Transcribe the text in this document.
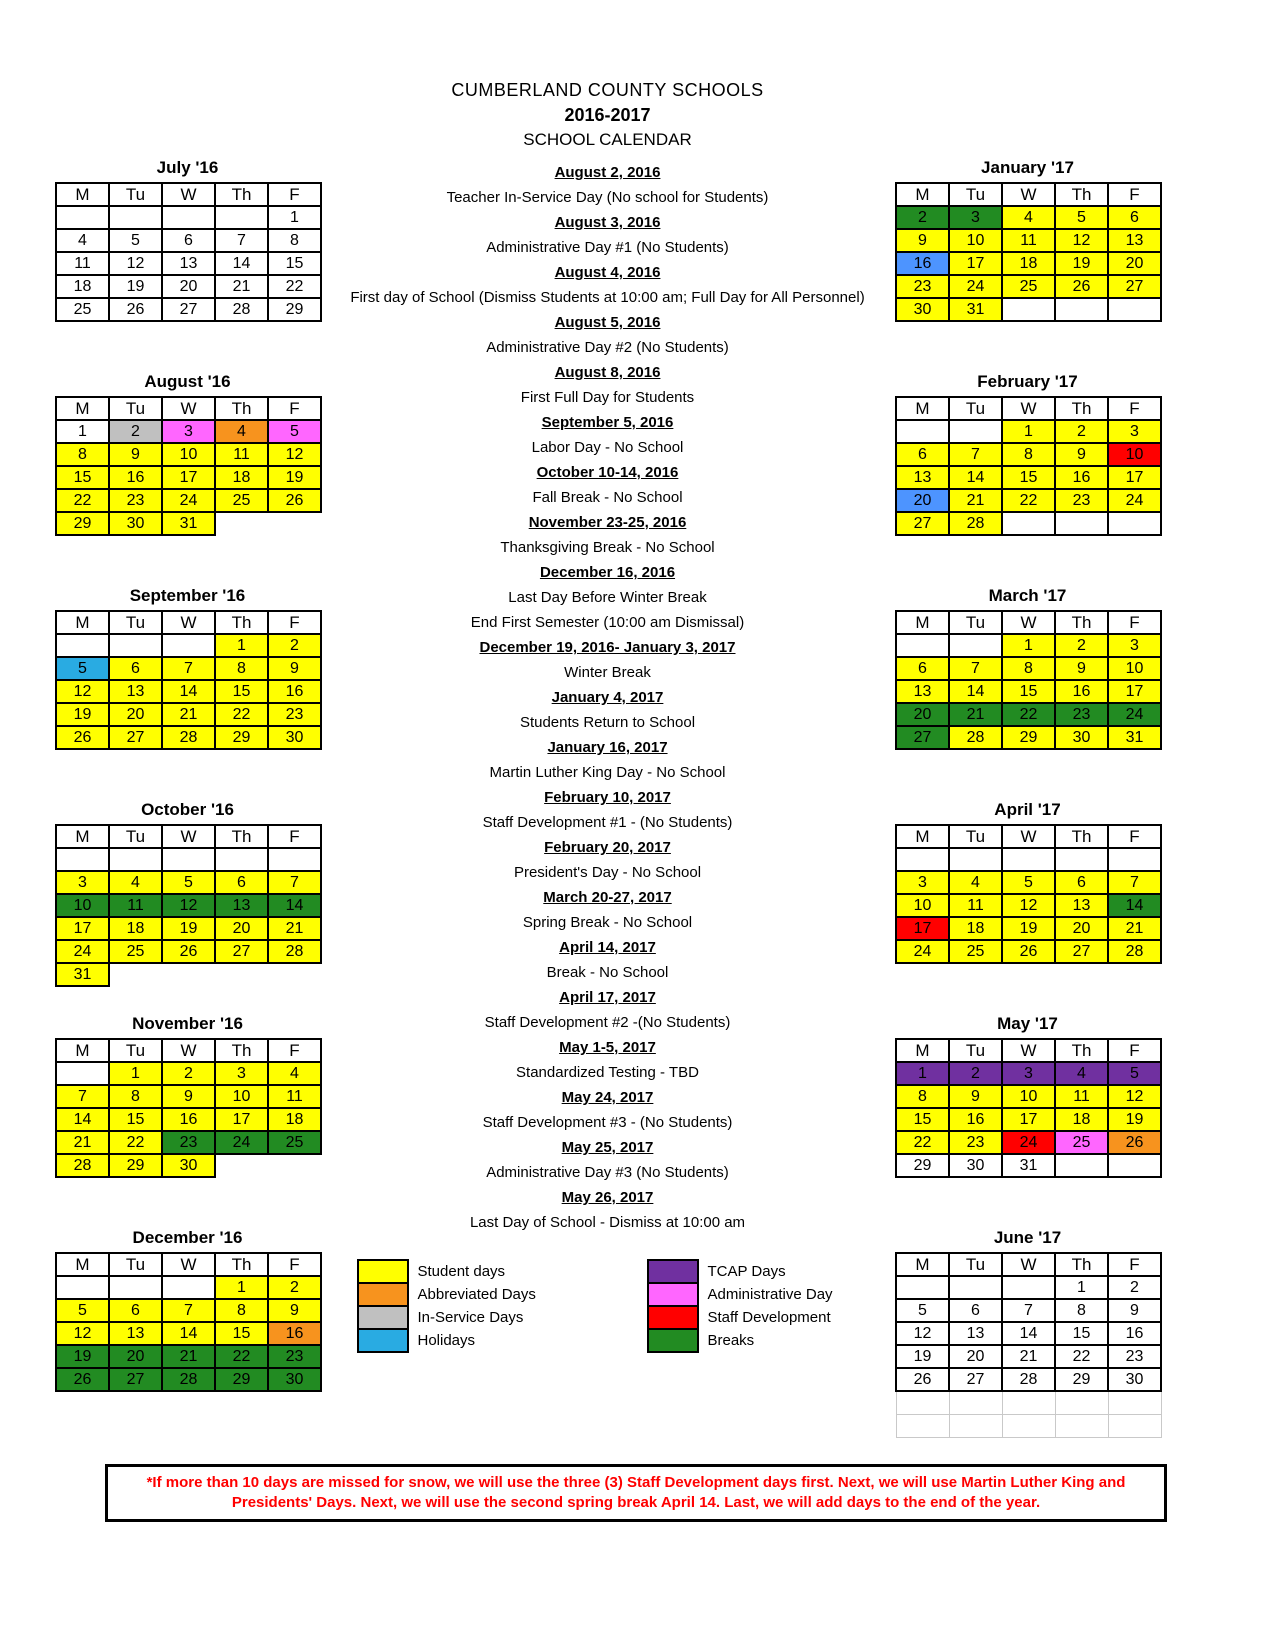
CUMBERLAND COUNTY SCHOOLS
2016-2017
SCHOOL CALENDAR
July '16
M	Tu	W	Th	F
				1
4	5	6	7	8
11	12	13	14	15
18	19	20	21	22
25	26	27	28	29
August '16
M	Tu	W	Th	F
1	2	3	4	5
8	9	10	11	12
15	16	17	18	19
22	23	24	25	26
29	30	31		
September '16
M	Tu	W	Th	F
			1	2
5	6	7	8	9
12	13	14	15	16
19	20	21	22	23
26	27	28	29	30
October '16
M	Tu	W	Th	F

3	4	5	6	7
10	11	12	13	14
17	18	19	20	21
24	25	26	27	28
31				
November '16
M	Tu	W	Th	F
	1	2	3	4
7	8	9	10	11
14	15	16	17	18
21	22	23	24	25
28	29	30		
December '16
M	Tu	W	Th	F
			1	2
5	6	7	8	9
12	13	14	15	16
19	20	21	22	23
26	27	28	29	30
August 2, 2016
Teacher In-Service Day (No school for Students)
August 3, 2016
Administrative Day #1 (No Students)
August 4, 2016
First day of School (Dismiss Students at 10:00 am; Full Day for All Personnel)
August 5, 2016
Administrative Day #2 (No Students)
August 8, 2016
First Full Day for Students
September 5, 2016
Labor Day - No School
October 10-14, 2016
Fall Break - No School
November 23-25, 2016
Thanksgiving Break - No School
December 16, 2016
Last Day Before Winter Break
End First Semester (10:00 am Dismissal)
December 19, 2016- January 3, 2017
Winter Break
January 4, 2017
Students Return to School
January 16, 2017
Martin Luther King Day - No School
February 10, 2017
Staff Development #1 - (No Students)
February 20, 2017
President's Day - No School
March 20-27, 2017
Spring Break - No School
April 14, 2017
Break - No School
April 17, 2017
Staff Development #2 -(No Students)
May 1-5, 2017
Standardized Testing - TBD
May 24, 2017
Staff Development #3 - (No Students)
May 25, 2017
Administrative Day #3 (No Students)
May 26, 2017
Last Day of School - Dismiss at 10:00 am
Student days
Abbreviated Days
In-Service Days
Holidays
TCAP Days
Administrative Day
Staff Development
Breaks
January '17
M	Tu	W	Th	F
2	3	4	5	6
9	10	11	12	13
16	17	18	19	20
23	24	25	26	27
30	31			
February '17
M	Tu	W	Th	F
		1	2	3
6	7	8	9	10
13	14	15	16	17
20	21	22	23	24
27	28			
March '17
M	Tu	W	Th	F
		1	2	3
6	7	8	9	10
13	14	15	16	17
20	21	22	23	24
27	28	29	30	31
April '17
M	Tu	W	Th	F

3	4	5	6	7
10	11	12	13	14
17	18	19	20	21
24	25	26	27	28
May '17
M	Tu	W	Th	F
1	2	3	4	5
8	9	10	11	12
15	16	17	18	19
22	23	24	25	26
29	30	31		
June '17
M	Tu	W	Th	F
			1	2
5	6	7	8	9
12	13	14	15	16
19	20	21	22	23
26	27	28	29	30

*If more than 10 days are missed for snow, we will use the three (3) Staff Development days first. Next, we will use Martin Luther King and Presidents' Days. Next, we will use the second spring break April 14. Last, we will add days to the end of the year.
